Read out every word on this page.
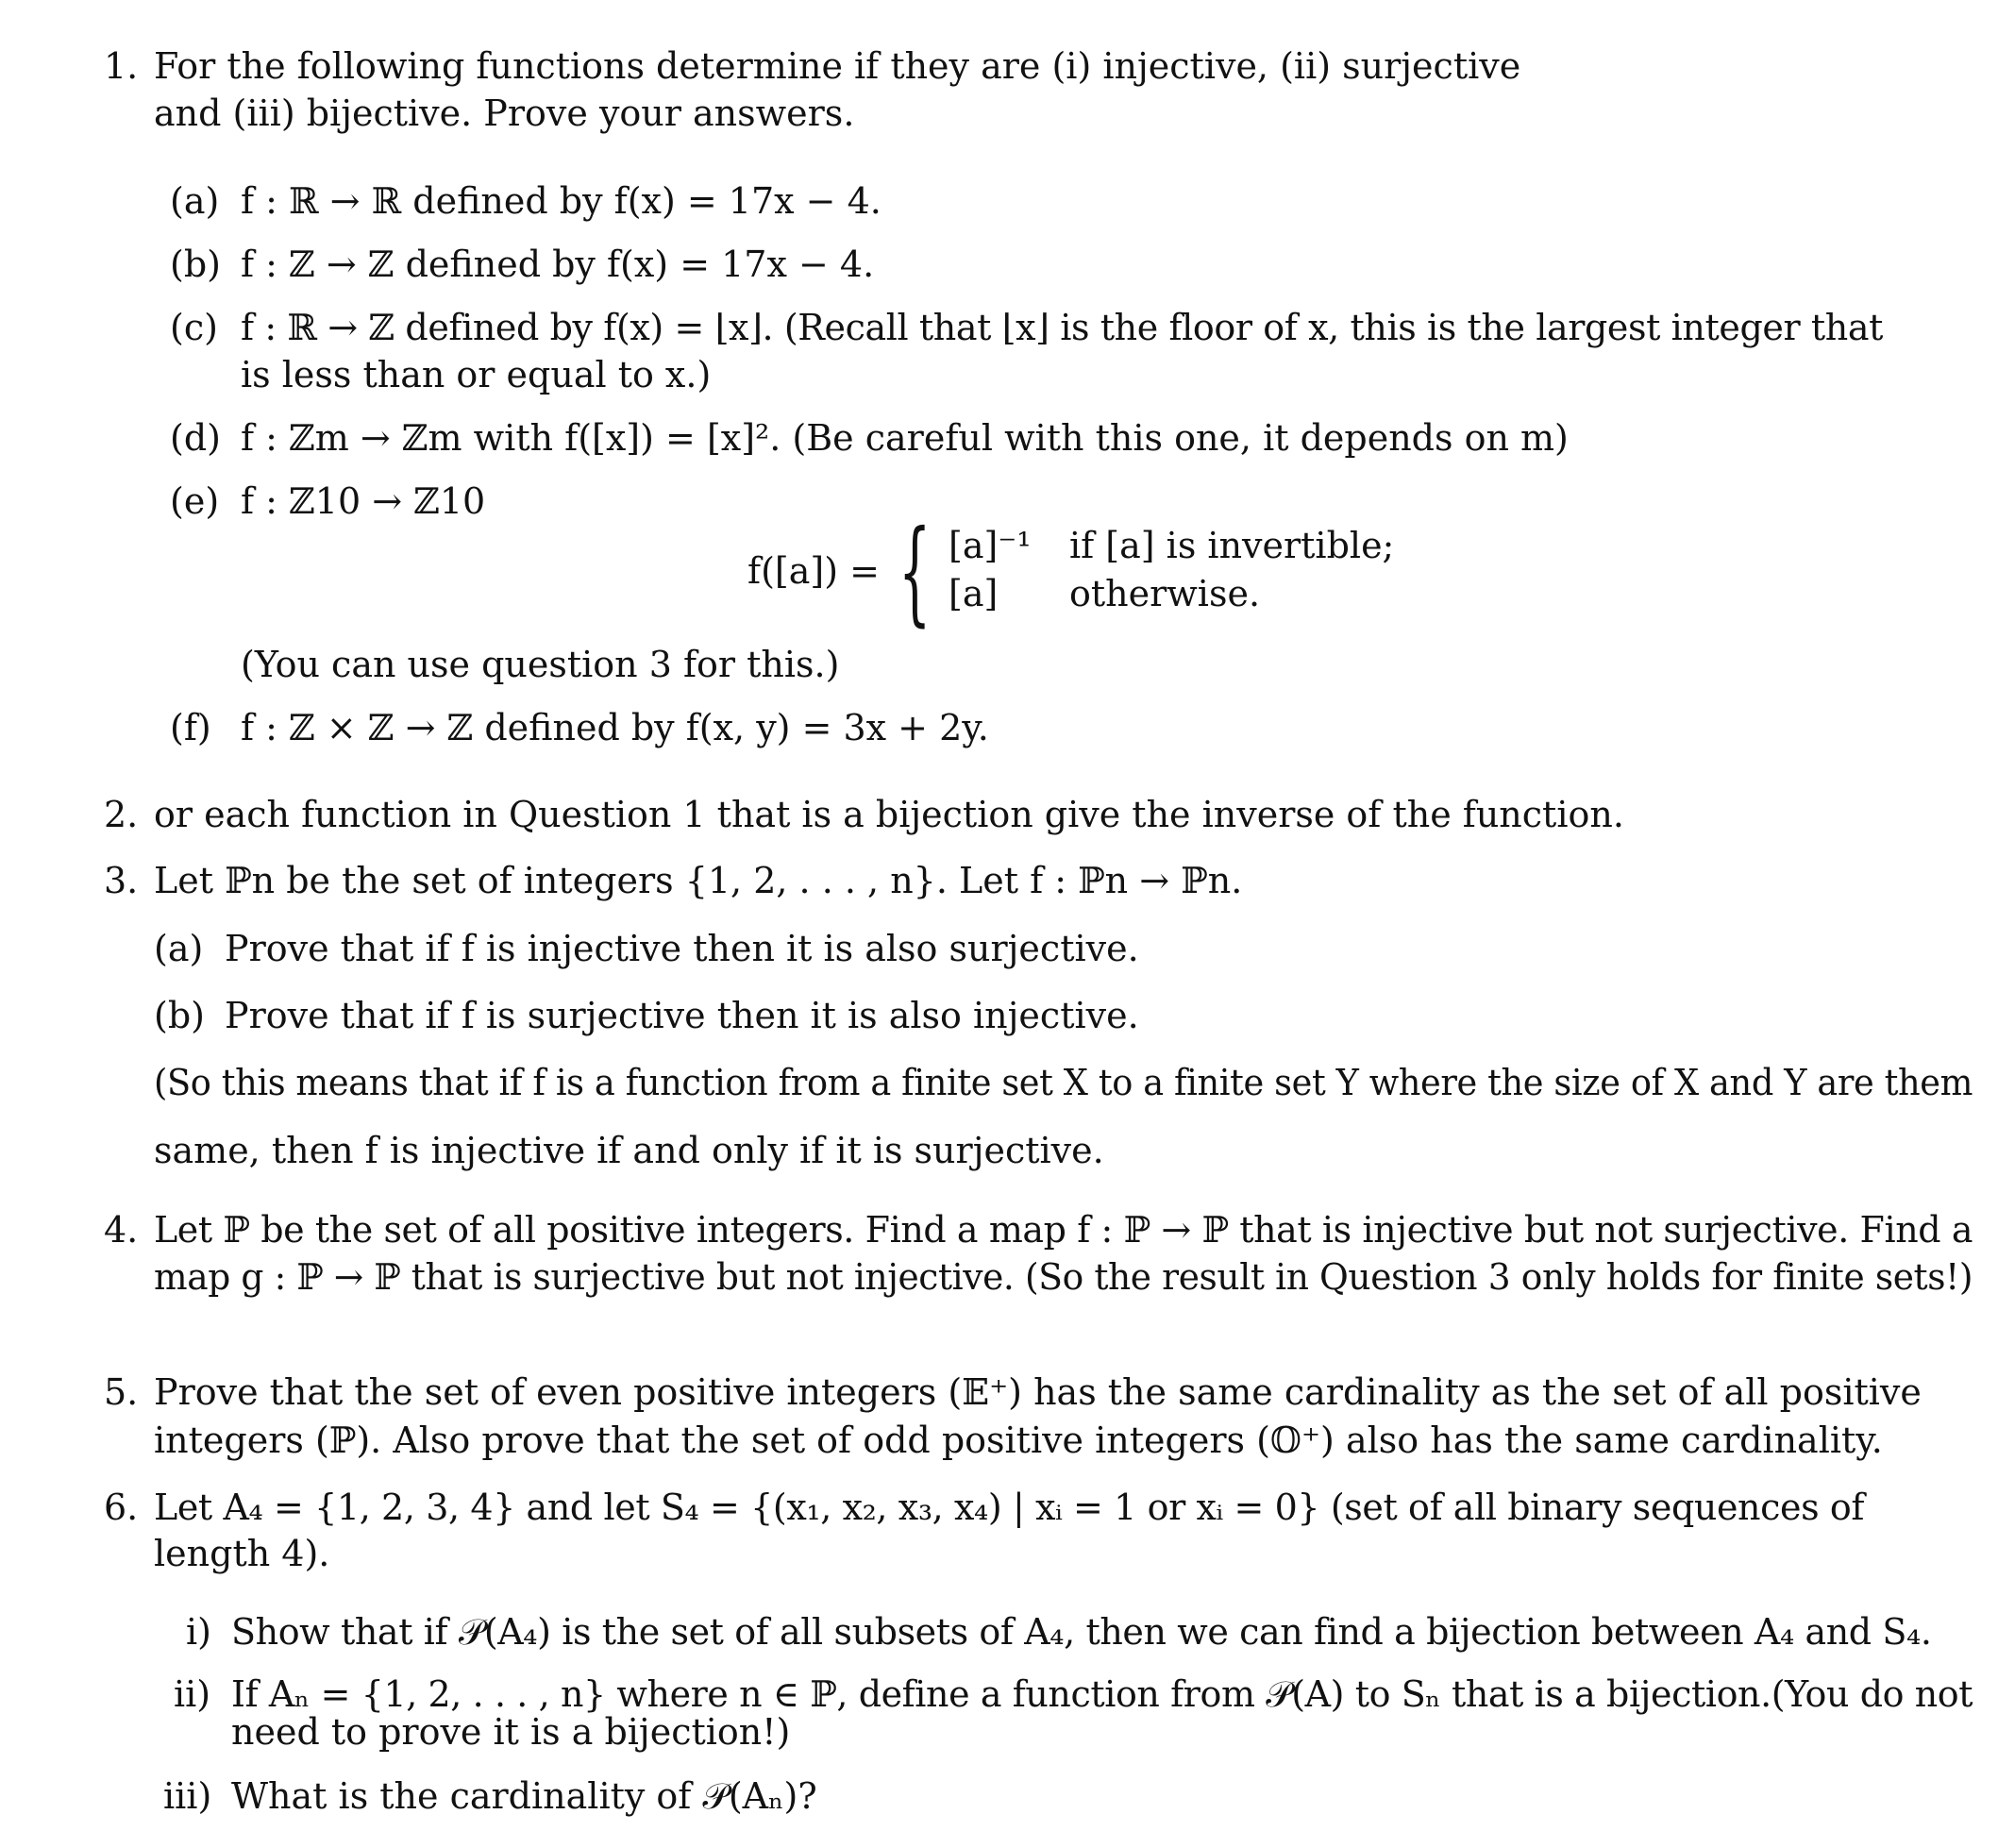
1. For the following functions determine if they are (i) injective, (ii) surjective
and (iii) bijective. Prove your answers.
(a) f : ℝ → ℝ defined by f(x) = 17x − 4.
(b) f : ℤ → ℤ defined by f(x) = 17x − 4.
(c) f : ℝ → ℤ defined by f(x) = ⌊x⌋. (Recall that ⌊x⌋ is the floor of x, this is the largest integer that
is less than or equal to x.)
(d) f : ℤm → ℤm with f([x]) = [x]². (Be careful with this one, it depends on m)
(e) f : ℤ10 → ℤ10
f([a]) = { [a]⁻¹ if [a] is invertible;
[a] otherwise.
(You can use question 3 for this.)
(f) f : ℤ × ℤ → ℤ defined by f(x, y) = 3x + 2y.
2. or each function in Question 1 that is a bijection give the inverse of the function.
3. Let ℙn be the set of integers {1, 2, . . . , n}. Let f : ℙn → ℙn.
(a) Prove that if f is injective then it is also surjective.
(b) Prove that if f is surjective then it is also injective.
(So this means that if f is a function from a finite set X to a finite set Y where the size of X and Y are them
same, then f is injective if and only if it is surjective.
4. Let ℙ be the set of all positive integers. Find a map f : ℙ → ℙ that is injective but not surjective. Find a
map g : ℙ → ℙ that is surjective but not injective. (So the result in Question 3 only holds for finite sets!)
5. Prove that the set of even positive integers (𝔼⁺) has the same cardinality as the set of all positive
integers (ℙ). Also prove that the set of odd positive integers (𝕆⁺) also has the same cardinality.
6. Let A₄ = {1, 2, 3, 4} and let S₄ = {(x₁, x₂, x₃, x₄) | xᵢ = 1 or xᵢ = 0} (set of all binary sequences of
length 4).
i) Show that if 𝒫(A₄) is the set of all subsets of A₄, then we can find a bijection between A₄ and S₄.
ii) If Aₙ = {1, 2, . . . , n} where n ∈ ℙ, define a function from 𝒫(A) to Sₙ that is a bijection.(You do not
need to prove it is a bijection!)
iii) What is the cardinality of 𝒫(Aₙ)?
